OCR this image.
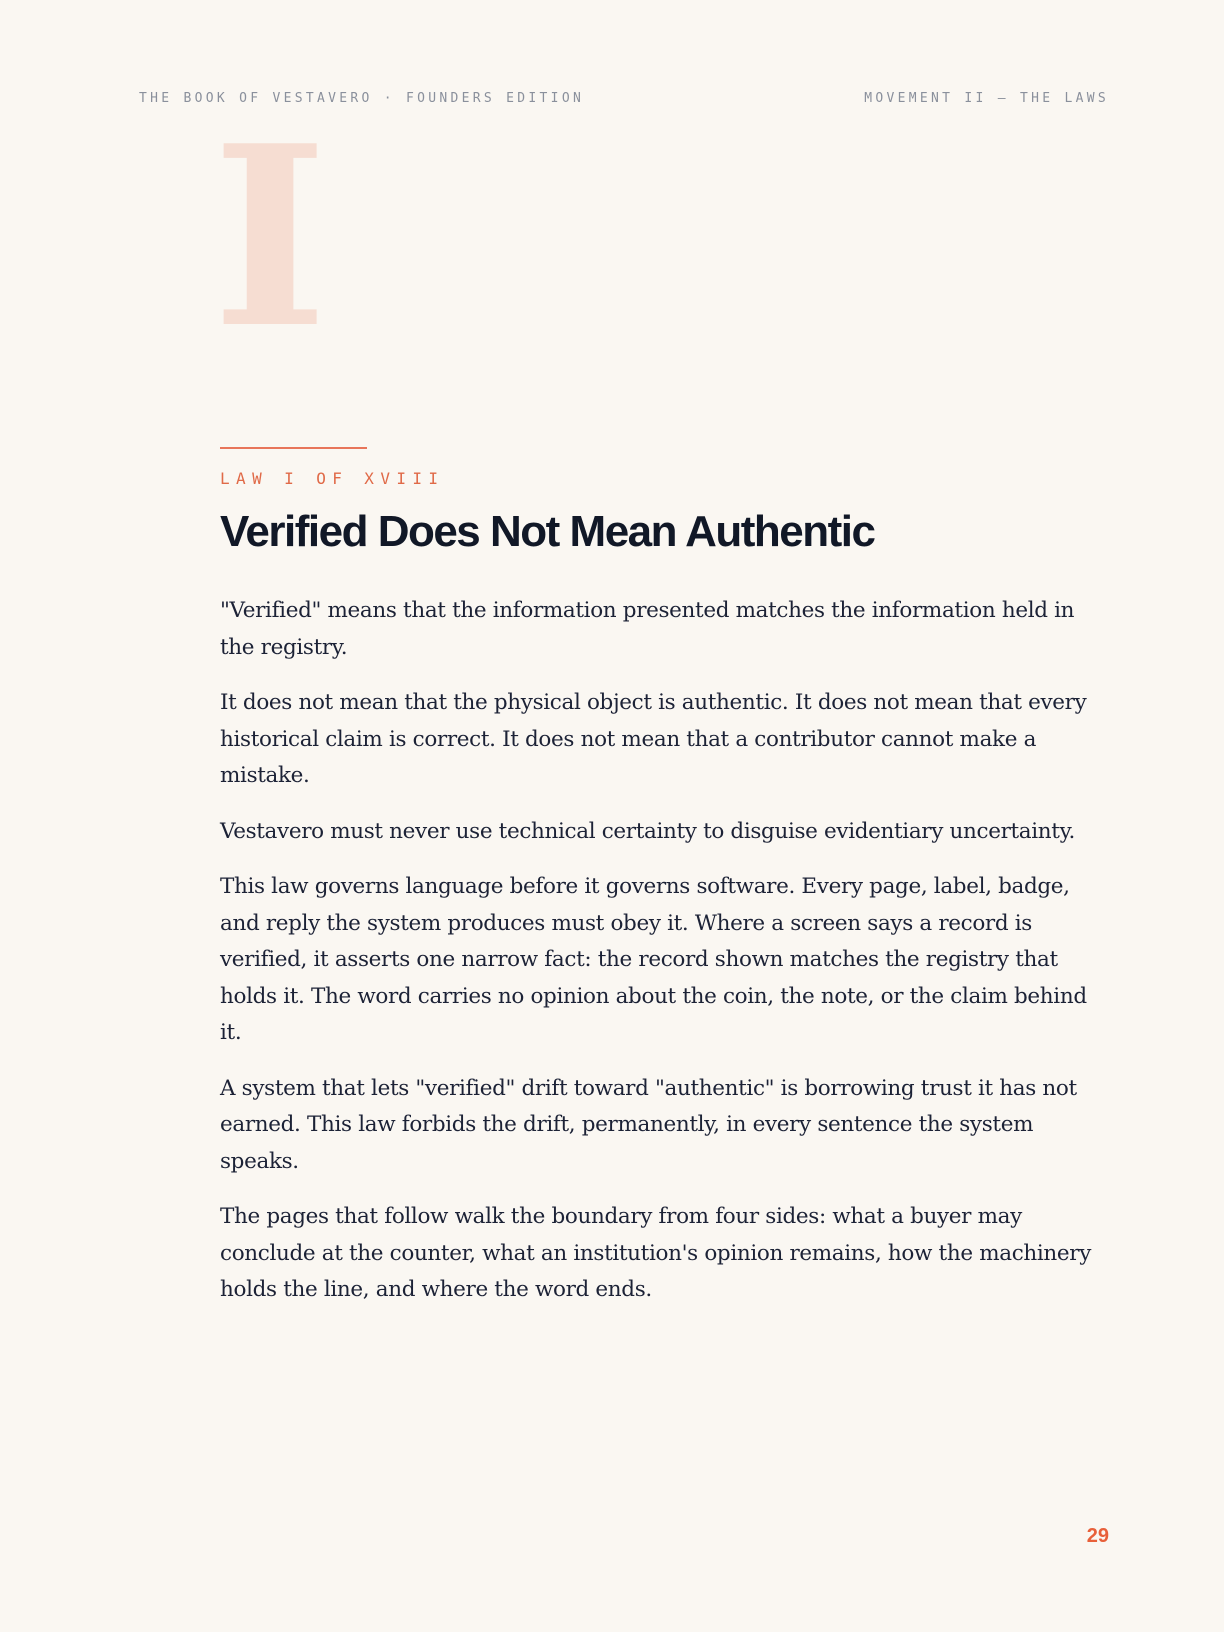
THE BOOK OF VESTAVERO · FOUNDERS EDITION	MOVEMENT II — THE LAWS
I
LAW I OF XVIII
Verified Does Not Mean Authentic

"Verified" means that the information presented matches the information held in the registry.

It does not mean that the physical object is authentic. It does not mean that every historical claim is correct. It does not mean that a contributor cannot make a mistake.

Vestavero must never use technical certainty to disguise evidentiary uncertainty.

This law governs language before it governs software. Every page, label, badge, and reply the system produces must obey it. Where a screen says a record is verified, it asserts one narrow fact: the record shown matches the registry that holds it. The word carries no opinion about the coin, the note, or the claim behind it.

A system that lets "verified" drift toward "authentic" is borrowing trust it has not earned. This law forbids the drift, permanently, in every sentence the system speaks.

The pages that follow walk the boundary from four sides: what a buyer may conclude at the counter, what an institution's opinion remains, how the machinery holds the line, and where the word ends.

29
